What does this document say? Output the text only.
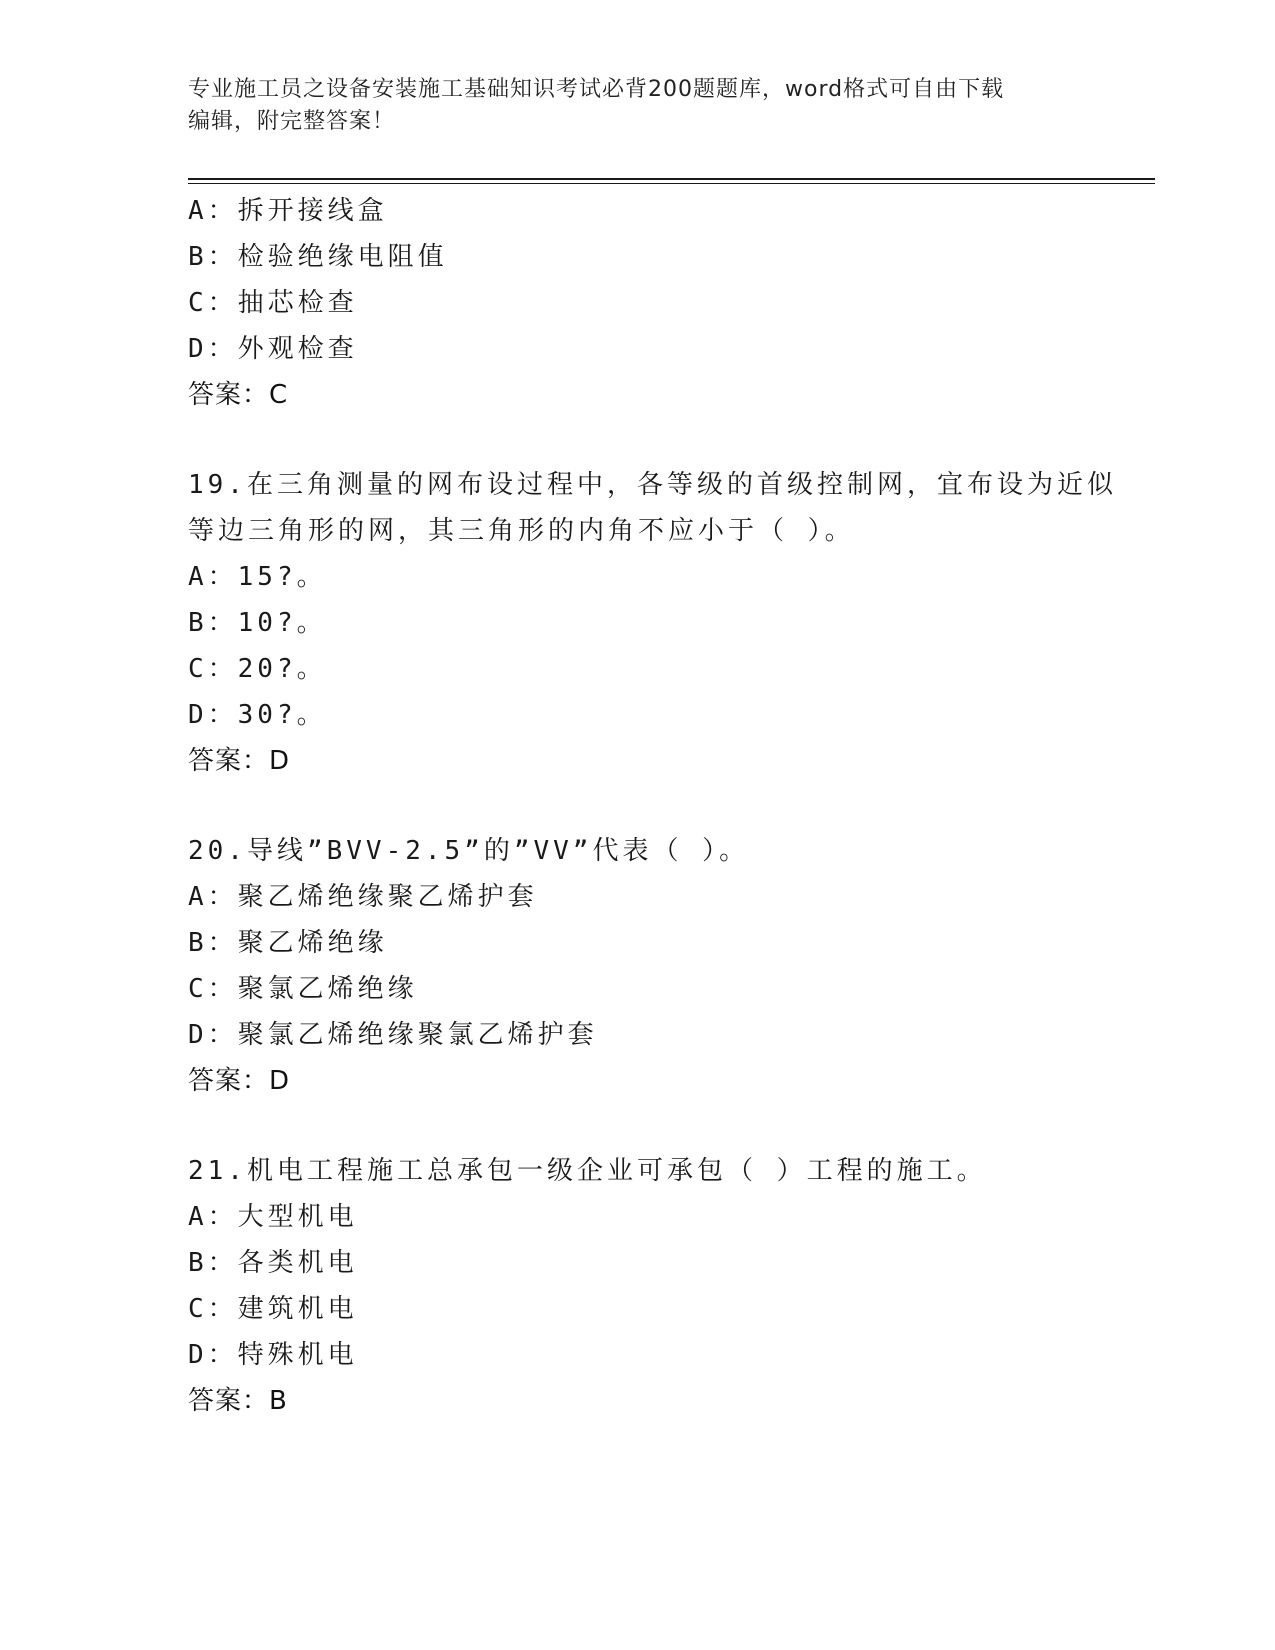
专业施工员之设备安装施工基础知识考试必背200题题库，word格式可自由下载
编辑，附完整答案！
A：拆开接线盒
B：检验绝缘电阻值
C：抽芯检查
D：外观检查
答案：C
19.在三角测量的网布设过程中，各等级的首级控制网，宜布设为近似
等边三角形的网，其三角形的内角不应小于（ ）。
A：15?。
B：10?。
C：20?。
D：30?。
答案：D
20.导线”BVV-2.5”的”VV”代表（ ）。
A：聚乙烯绝缘聚乙烯护套
B：聚乙烯绝缘
C：聚氯乙烯绝缘
D：聚氯乙烯绝缘聚氯乙烯护套
答案：D
21.机电工程施工总承包一级企业可承包（ ）工程的施工。
A：大型机电
B：各类机电
C：建筑机电
D：特殊机电
答案：B
